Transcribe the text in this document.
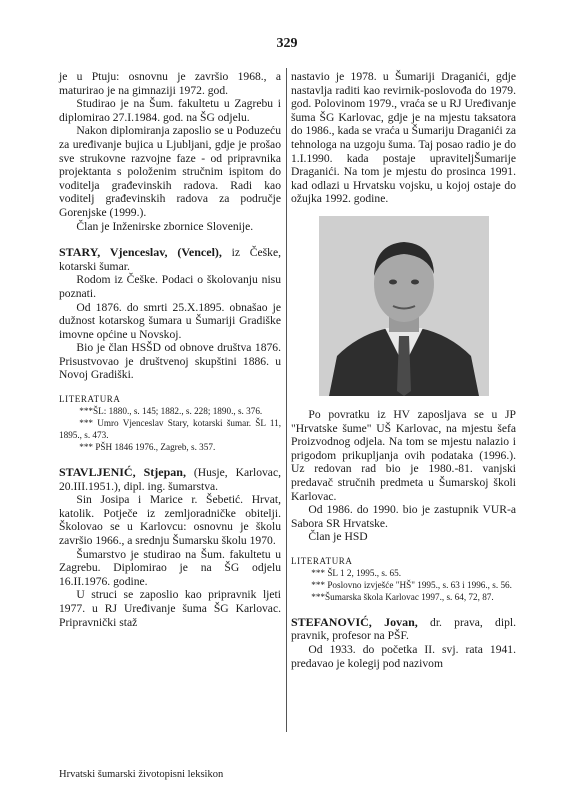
329

je u Ptuju: osnovnu je završio 1968., a maturirao je na gimnaziji 1972. god.

Studirao je na Šum. fakultetu u Zagrebu i diplomirao 27.I.1984. god. na ŠG odjelu.

Nakon diplomiranja zaposlio se u Poduzeću za uređivanje bujica u Ljubljani, gdje je prošao sve strukovne razvojne faze - od pripravnika projektanta s položenim stručnim ispitom do voditelja građevinskih radova. Radi kao voditelj građevinskih radova za područje Gorenjske (1999.).

Član je Inženirske zbornice Slovenije.

STARY, Vjenceslav, (Vencel), iz Češke, kotarski šumar.

Rodom iz Češke. Podaci o školovanju nisu poznati.

Od 1876. do smrti 25.X.1895. obnašao je dužnost kotarskog šumara u Šumariji Gradiške imovne općine u Novskoj.

Bio je član HSŠD od obnove društva 1876. Prisustvovao je društvenoj skupštini 1886. u Novoj Gradiški.

LITERATURA
***ŠL: 1880., s. 145; 1882., s. 228; 1890., s. 376.
*** Umro Vjenceslav Stary, kotarski šumar. ŠL 11, 1895., s. 473.
*** PŠH 1846 1976., Zagreb, s. 357.

STAVLJENIĆ, Stjepan, (Husje, Karlovac, 20.III.1951.), dipl. ing. šumarstva.

Sin Josipa i Marice r. Šebetić. Hrvat, katolik. Potječe iz zemljoradničke obitelji. Školovao se u Karlovcu: osnovnu je školu završio 1966., a srednju Šumarsku školu 1970.

Šumarstvo je studirao na Šum. fakultetu u Zagrebu. Diplomirao je na ŠG odjelu 16.II.1976. godine.

U struci se zaposlio kao pripravnik ljeti 1977. u RJ Uređivanje šuma ŠG Karlovac. Pripravnički staž

nastavio je 1978. u Šumariji Draganići, gdje nastavlja raditi kao revirnik-poslovođa do 1979. god. Polovinom 1979., vraća se u RJ Uređivanje šuma ŠG Karlovac, gdje je na mjestu taksatora do 1986., kada se vraća u Šumariju Draganići za tehnologa na uzgoju šuma. Taj posao radio je do 1.I.1990. kada postaje upraviteljŠumarije Draganići. Na tom je mjestu do prosinca 1991. kad odlazi u Hrvatsku vojsku, u kojoj ostaje do ožujka 1992. godine.

Po povratku iz HV zaposljava se u JP "Hrvatske šume" UŠ Karlovac, na mjestu šefa Proizvodnog odjela. Na tom se mjestu nalazio i prigodom prikupljanja ovih podataka (1996.). Uz redovan rad bio je 1980.-81. vanjski predavač stručnih predmeta u Šumarskoj školi Karlovac.

Od 1986. do 1990. bio je zastupnik VUR-a Sabora SR Hrvatske.

Član je HSD

LITERATURA
*** ŠL 1 2, 1995., s. 65.
*** Poslovno izvješće "HŠ" 1995., s. 63 i 1996., s. 56.
***Šumarska škola Karlovac 1997., s. 64, 72, 87.

STEFANOVIĆ, Jovan, dr. prava, dipl. pravnik, profesor na PŠF.

Od 1933. do početka II. svj. rata 1941. predavao je kolegij pod nazivom

Hrvatski šumarski životopisni leksikon
